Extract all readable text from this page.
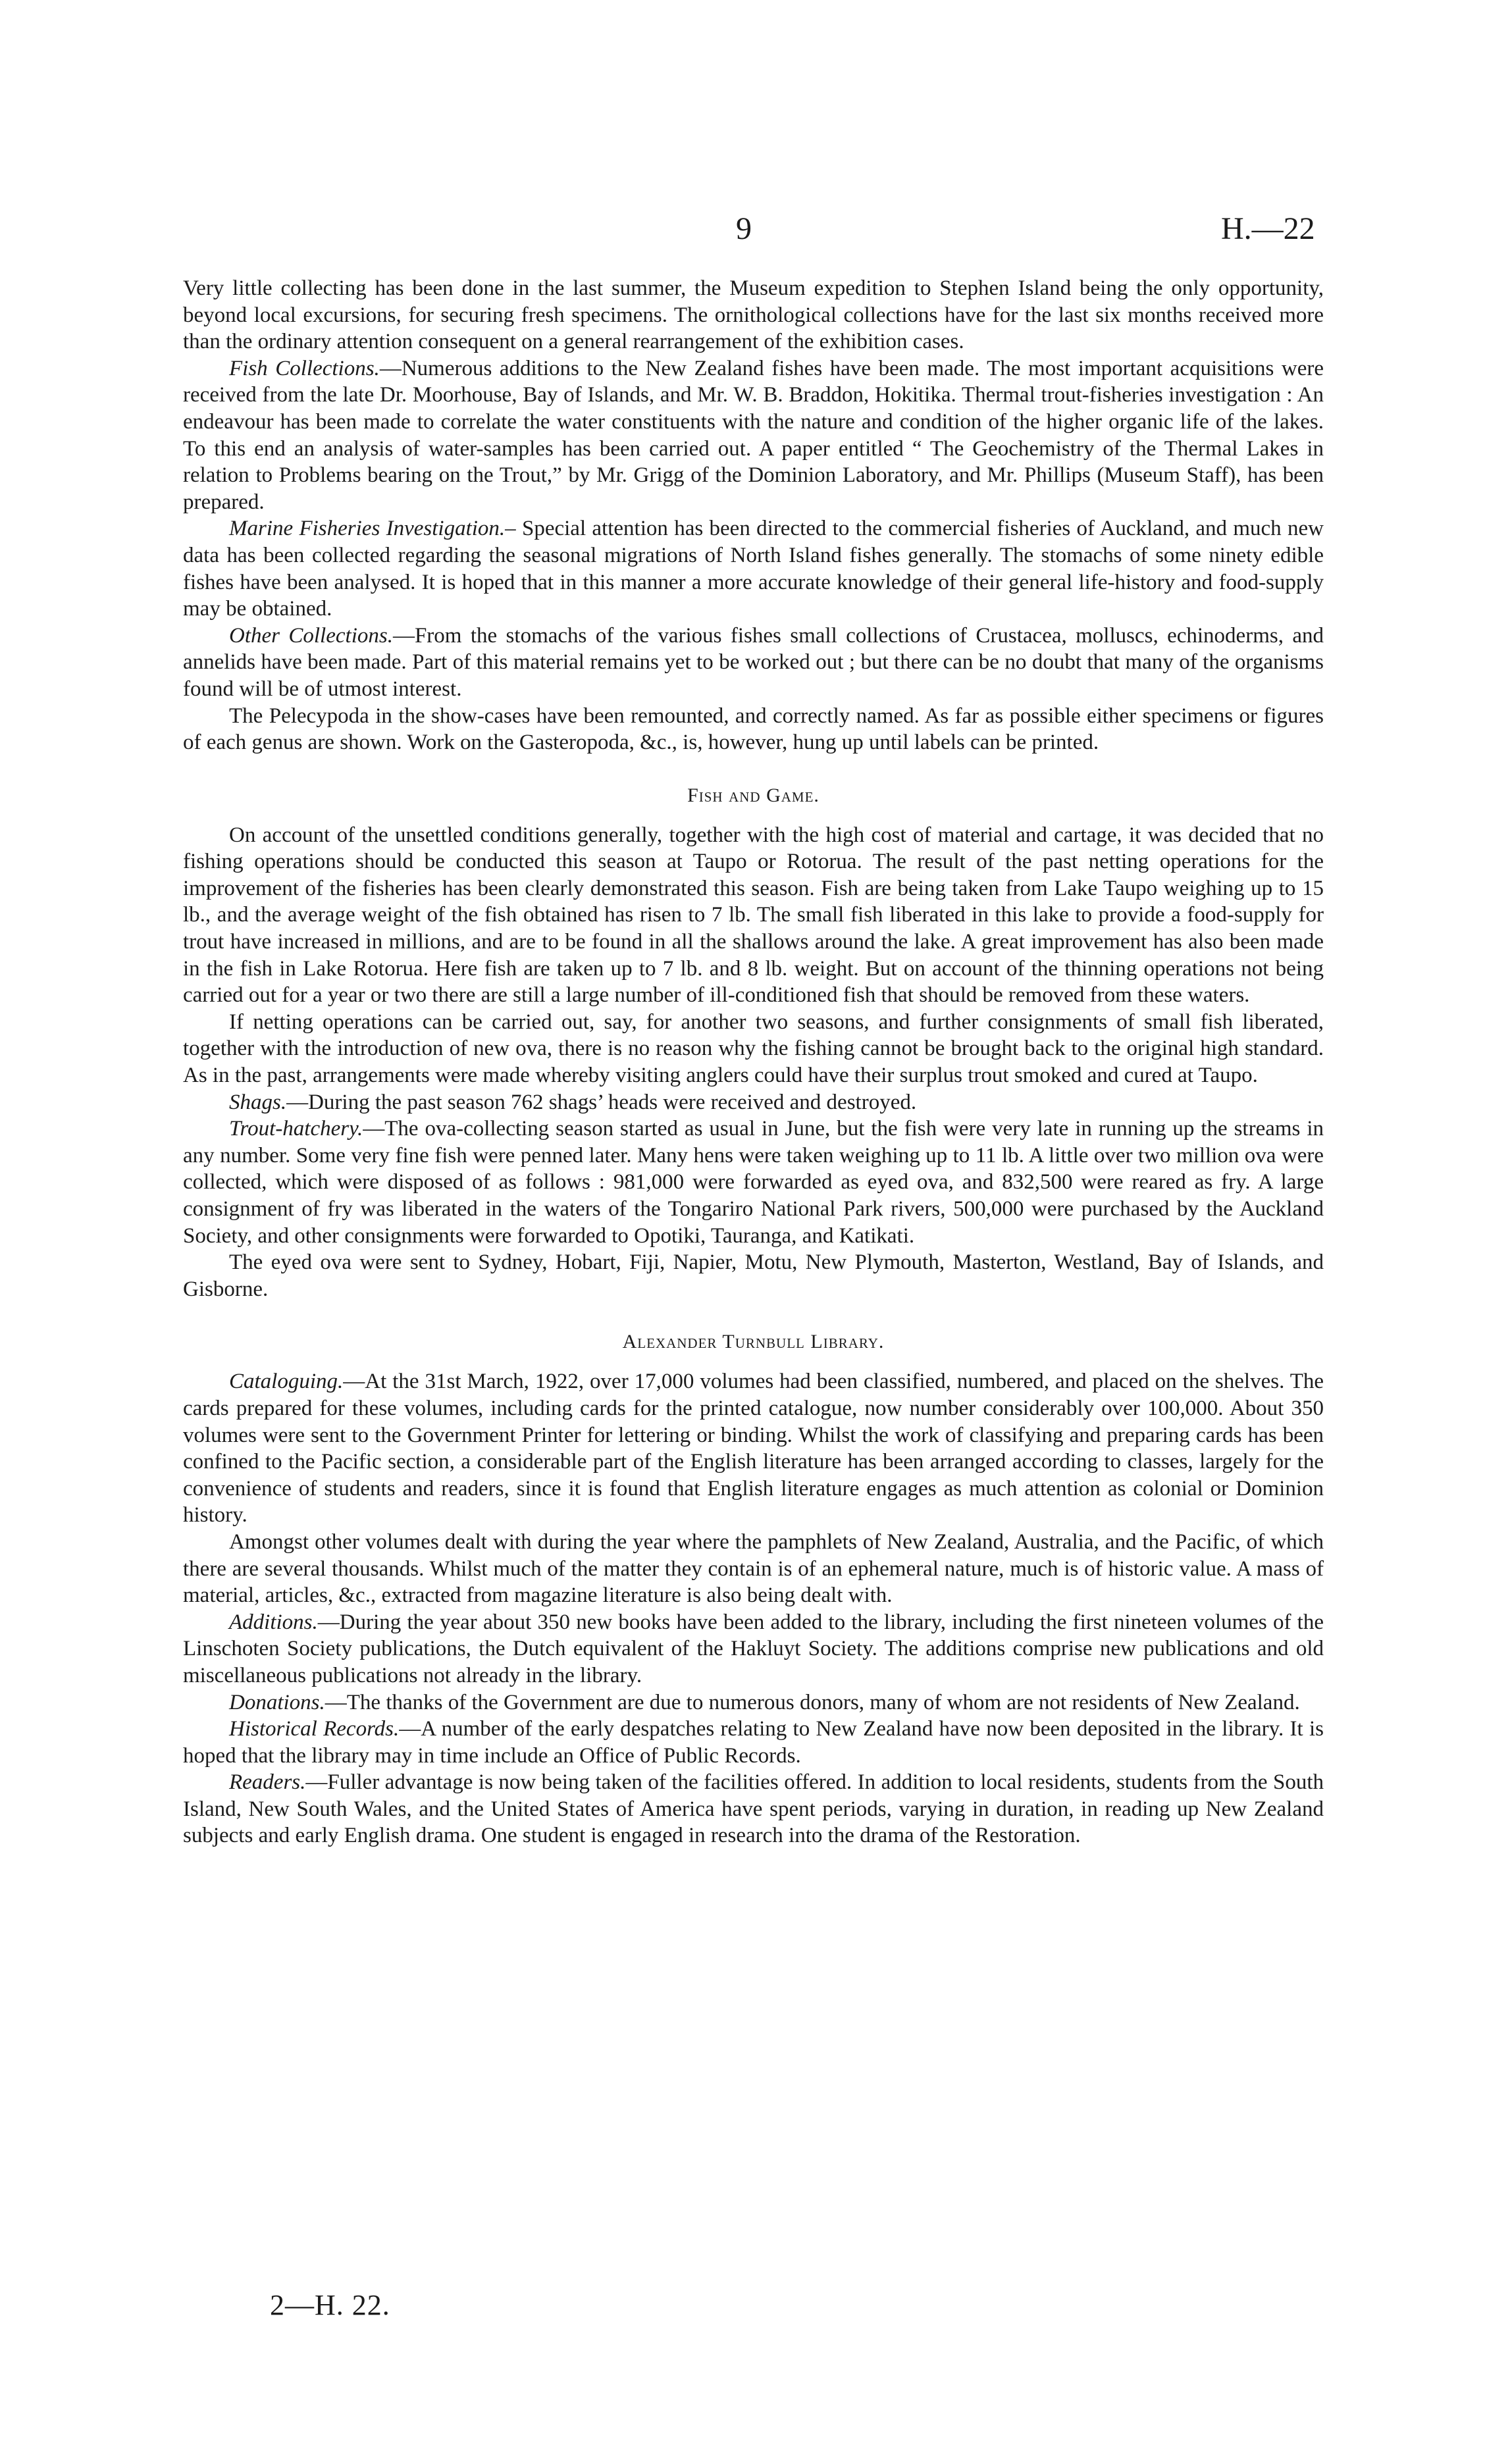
9	H.—22

Very little collecting has been done in the last summer, the Museum expedition to Stephen Island being the only opportunity, beyond local excursions, for securing fresh specimens. The ornithological collections have for the last six months received more than the ordinary attention consequent on a general rearrangement of the exhibition cases.

Fish Collections.—Numerous additions to the New Zealand fishes have been made. The most important acquisitions were received from the late Dr. Moorhouse, Bay of Islands, and Mr. W. B. Braddon, Hokitika. Thermal trout-fisheries investigation : An endeavour has been made to correlate the water constituents with the nature and condition of the higher organic life of the lakes. To this end an analysis of water-samples has been carried out. A paper entitled “ The Geochemistry of the Thermal Lakes in relation to Problems bearing on the Trout,” by Mr. Grigg of the Dominion Laboratory, and Mr. Phillips (Museum Staff), has been prepared.

Marine Fisheries Investigation.– Special attention has been directed to the commercial fisheries of Auckland, and much new data has been collected regarding the seasonal migrations of North Island fishes generally. The stomachs of some ninety edible fishes have been analysed. It is hoped that in this manner a more accurate knowledge of their general life-history and food-supply may be obtained.

Other Collections.—From the stomachs of the various fishes small collections of Crustacea, molluscs, echinoderms, and annelids have been made. Part of this material remains yet to be worked out ; but there can be no doubt that many of the organisms found will be of utmost interest.

The Pelecypoda in the show-cases have been remounted, and correctly named. As far as possible either specimens or figures of each genus are shown. Work on the Gasteropoda, &c., is, however, hung up until labels can be printed.

Fish and Game.

On account of the unsettled conditions generally, together with the high cost of material and cartage, it was decided that no fishing operations should be conducted this season at Taupo or Rotorua. The result of the past netting operations for the improvement of the fisheries has been clearly demonstrated this season. Fish are being taken from Lake Taupo weighing up to 15 lb., and the average weight of the fish obtained has risen to 7 lb. The small fish liberated in this lake to provide a food-supply for trout have increased in millions, and are to be found in all the shallows around the lake. A great improvement has also been made in the fish in Lake Rotorua. Here fish are taken up to 7 lb. and 8 lb. weight. But on account of the thinning operations not being carried out for a year or two there are still a large number of ill-conditioned fish that should be removed from these waters.

If netting operations can be carried out, say, for another two seasons, and further consignments of small fish liberated, together with the introduction of new ova, there is no reason why the fishing cannot be brought back to the original high standard. As in the past, arrangements were made whereby visiting anglers could have their surplus trout smoked and cured at Taupo.

Shags.—During the past season 762 shags’ heads were received and destroyed.

Trout-hatchery.—The ova-collecting season started as usual in June, but the fish were very late in running up the streams in any number. Some very fine fish were penned later. Many hens were taken weighing up to 11 lb. A little over two million ova were collected, which were disposed of as follows : 981,000 were forwarded as eyed ova, and 832,500 were reared as fry. A large consignment of fry was liberated in the waters of the Tongariro National Park rivers, 500,000 were purchased by the Auckland Society, and other consignments were forwarded to Opotiki, Tauranga, and Katikati.

The eyed ova were sent to Sydney, Hobart, Fiji, Napier, Motu, New Plymouth, Masterton, Westland, Bay of Islands, and Gisborne.

Alexander Turnbull Library.

Cataloguing.—At the 31st March, 1922, over 17,000 volumes had been classified, numbered, and placed on the shelves. The cards prepared for these volumes, including cards for the printed catalogue, now number considerably over 100,000. About 350 volumes were sent to the Government Printer for lettering or binding. Whilst the work of classifying and preparing cards has been confined to the Pacific section, a considerable part of the English literature has been arranged according to classes, largely for the convenience of students and readers, since it is found that English literature engages as much attention as colonial or Dominion history.

Amongst other volumes dealt with during the year where the pamphlets of New Zealand, Australia, and the Pacific, of which there are several thousands. Whilst much of the matter they contain is of an ephemeral nature, much is of historic value. A mass of material, articles, &c., extracted from magazine literature is also being dealt with.

Additions.—During the year about 350 new books have been added to the library, including the first nineteen volumes of the Linschoten Society publications, the Dutch equivalent of the Hakluyt Society. The additions comprise new publications and old miscellaneous publications not already in the library.

Donations.—The thanks of the Government are due to numerous donors, many of whom are not residents of New Zealand.

Historical Records.—A number of the early despatches relating to New Zealand have now been deposited in the library. It is hoped that the library may in time include an Office of Public Records.

Readers.—Fuller advantage is now being taken of the facilities offered. In addition to local residents, students from the South Island, New South Wales, and the United States of America have spent periods, varying in duration, in reading up New Zealand subjects and early English drama. One student is engaged in research into the drama of the Restoration.

2—H. 22.
